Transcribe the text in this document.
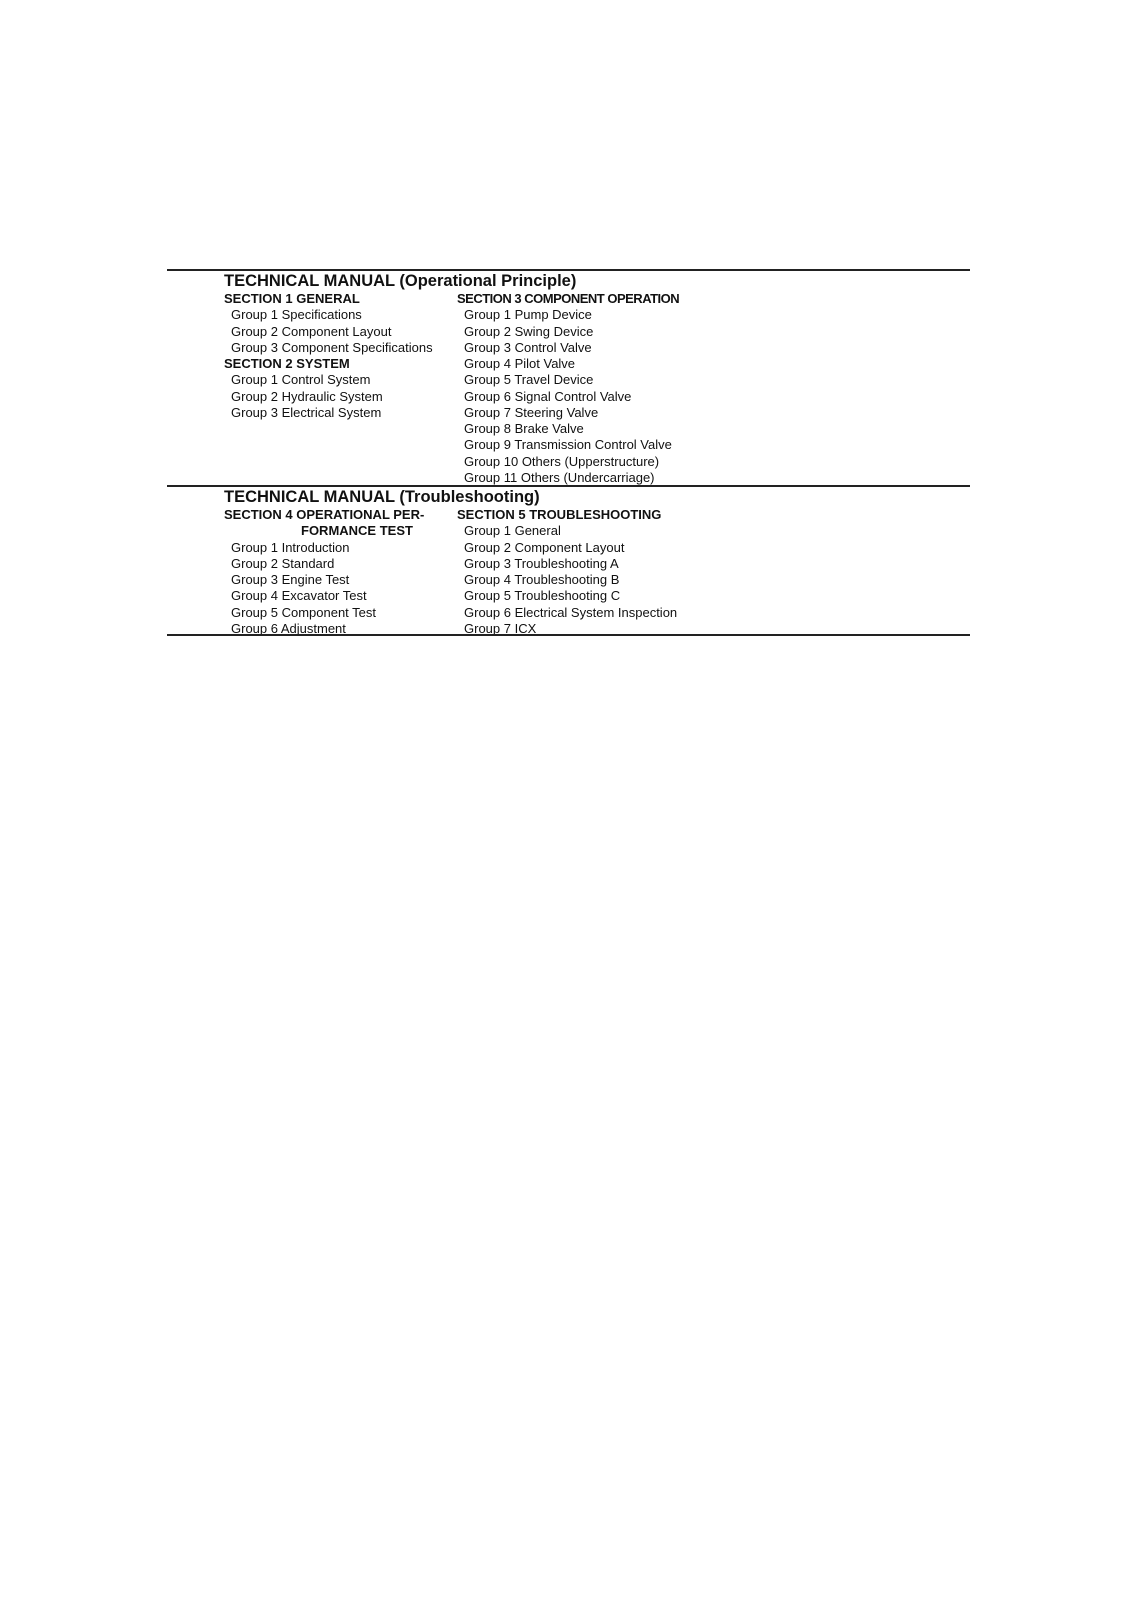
TECHNICAL MANUAL (Operational Principle)
SECTION 1 GENERAL
Group 1 Specifications
Group 2 Component Layout
Group 3 Component Specifications
SECTION 2 SYSTEM
Group 1 Control System
Group 2 Hydraulic System
Group 3 Electrical System
SECTION 3 COMPONENT OPERATION
Group 1 Pump Device
Group 2 Swing Device
Group 3 Control Valve
Group 4 Pilot Valve
Group 5 Travel Device
Group 6 Signal Control Valve
Group 7 Steering Valve
Group 8 Brake Valve
Group 9 Transmission Control Valve
Group 10 Others (Upperstructure)
Group 11 Others (Undercarriage)
TECHNICAL MANUAL (Troubleshooting)
SECTION 4 OPERATIONAL PER-
FORMANCE TEST
Group 1 Introduction
Group 2 Standard
Group 3 Engine Test
Group 4 Excavator Test
Group 5 Component Test
Group 6 Adjustment
SECTION 5 TROUBLESHOOTING
Group 1 General
Group 2 Component Layout
Group 3 Troubleshooting A
Group 4 Troubleshooting B
Group 5 Troubleshooting C
Group 6 Electrical System Inspection
Group 7 ICX
